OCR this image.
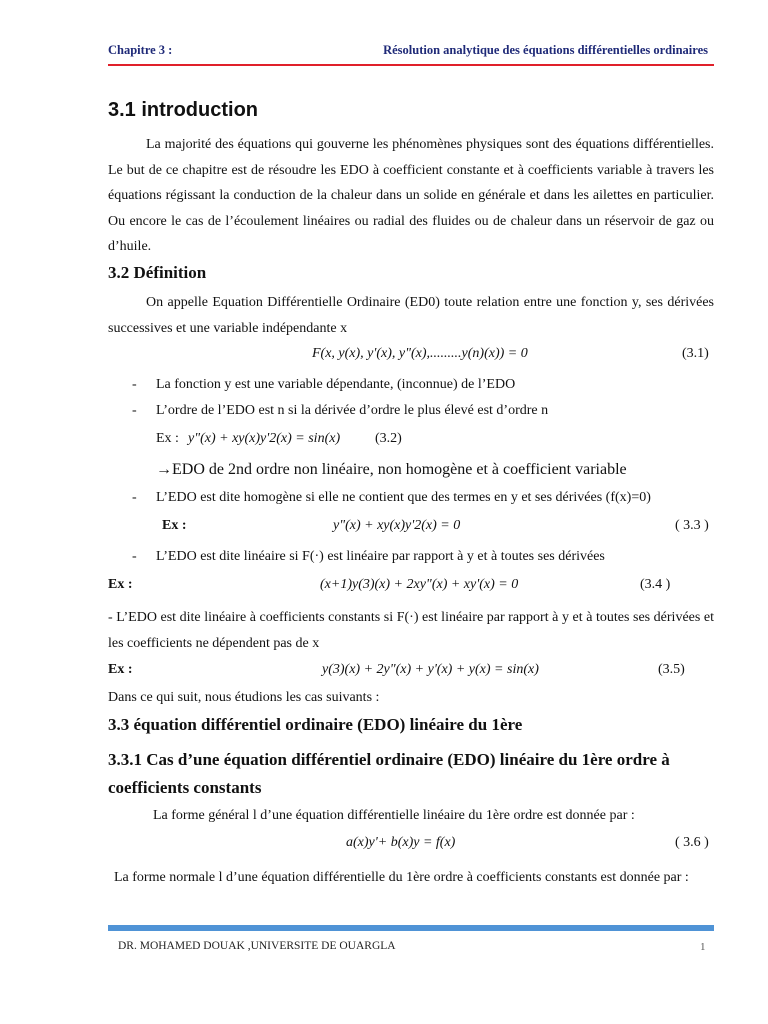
Chapitre 3 :	Résolution analytique des équations différentielles ordinaires
3.1 introduction
La majorité des équations qui gouverne les phénomènes physiques sont des équations différentielles. Le but de ce chapitre est de résoudre les EDO à coefficient constante et à coefficients variable à travers les équations régissant la conduction de la chaleur dans un solide en générale et dans les ailettes en particulier. Ou encore le cas de l’écoulement linéaires ou radial des fluides ou de chaleur dans un réservoir de gaz ou d’huile.
3.2 Définition
On appelle Equation Différentielle Ordinaire (ED0) toute relation entre une fonction y, ses dérivées successives et une variable indépendante x
F(x, y(x), y'(x), y"(x),.........y(n)(x)) = 0	(3.1)
- La fonction y est une variable dépendante, (inconnue) de l’EDO
- L’ordre de l’EDO est n si la dérivée d’ordre le plus élevé est d’ordre n
Ex : y"(x) + xy(x)y'2(x) = sin(x) (3.2)
→EDO de 2nd ordre non linéaire, non homogène et à coefficient variable
- L’EDO est dite homogène si elle ne contient que des termes en y et ses dérivées (f(x)=0)
Ex :	y"(x) + xy(x)y'2(x) = 0	( 3.3 )
- L’EDO est dite linéaire si F(·) est linéaire par rapport à y et à toutes ses dérivées
Ex :	(x+1)y(3)(x) + 2xy"(x) + xy'(x) = 0	(3.4 )
- L’EDO est dite linéaire à coefficients constants si F(·) est linéaire par rapport à y et à toutes ses dérivées et les coefficients ne dépendent pas de x
Ex :	y(3)(x) + 2y"(x) + y'(x) + y(x) = sin(x)	(3.5)
Dans ce qui suit, nous étudions les cas suivants :
3.3 équation différentiel ordinaire (EDO) linéaire du 1ère
3.3.1 Cas d’une équation différentiel ordinaire (EDO) linéaire du 1ère ordre à coefficients constants
La forme général l d’une équation différentielle linéaire du 1ère ordre est donnée par :
a(x)y'+ b(x)y = f(x)	( 3.6 )
La forme normale l d’une équation différentielle du 1ère ordre à coefficients constants est donnée par :
DR. MOHAMED DOUAK ,UNIVERSITE DE OUARGLA	1
